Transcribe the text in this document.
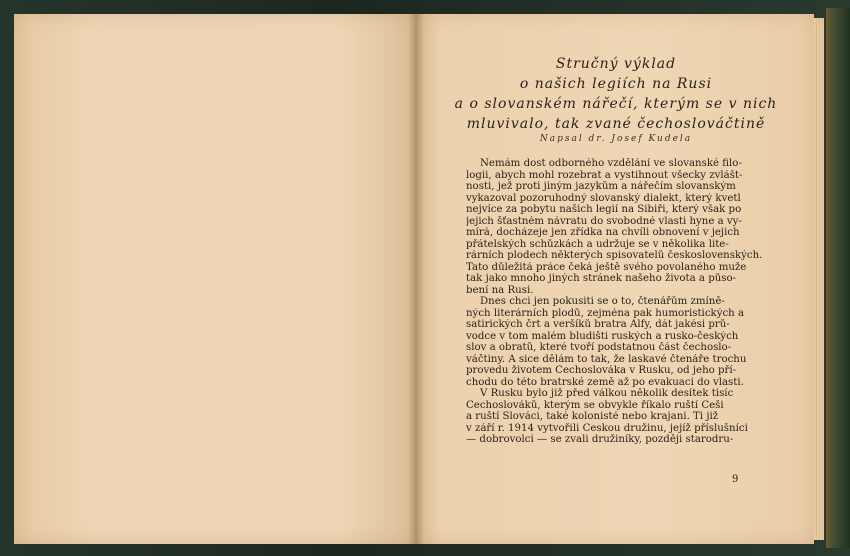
Stručný výklad
o našich legiích na Rusi
a o slovanském nářečí, kterým se v nich
mluvivalo, tak zvané čechoslováčtině
Napsal dr. Josef Kudela
Nemám dost odborného vzdělání ve slovanské filo-
logii, abych mohl rozebrat a vystihnout všecky zvlášt-
nosti, jež proti jiným jazykům a nářečím slovanským
vykazoval pozoruhodný slovanský dialekt, který kvetl
nejvíce za pobytu našich legií na Sibiři, který však po
jejich šťastném návratu do svobodné vlasti hyne a vy-
mírá, docházeje jen zřídka na chvíli obnovení v jejich
přátelských schůzkách a udržuje se v několika lite-
rárních plodech některých spisovatelů československých.
Tato důležitá práce čeká ještě svého povolaného muže
tak jako mnoho jiných stránek našeho života a půso-
bení na Rusi.
Dnes chci jen pokusiti se o to, čtenářům zmíně-
ných literárních plodů, zejména pak humoristických a
satirických črt a veršíků bratra Alfy, dát jakési prů-
vodce v tom malém bludišti ruských a rusko-českých
slov a obratů, které tvoří podstatnou část čechoslo-
váčtiny. A sice dělám to tak, že laskavé čtenáře trochu
provedu životem Čechoslováka v Rusku, od jeho pří-
chodu do této bratrské země až po evakuaci do vlasti.
V Rusku bylo již před válkou několik desítek tisíc
Čechoslováků, kterým se obvykle říkalo ruští Češi
a ruští Slováci, také kolonisté nebo krajani. Ti již
v září r. 1914 vytvořili Českou družinu, jejíž příslušníci
— dobrovolci — se zvali družiníky, později starodru-
9
